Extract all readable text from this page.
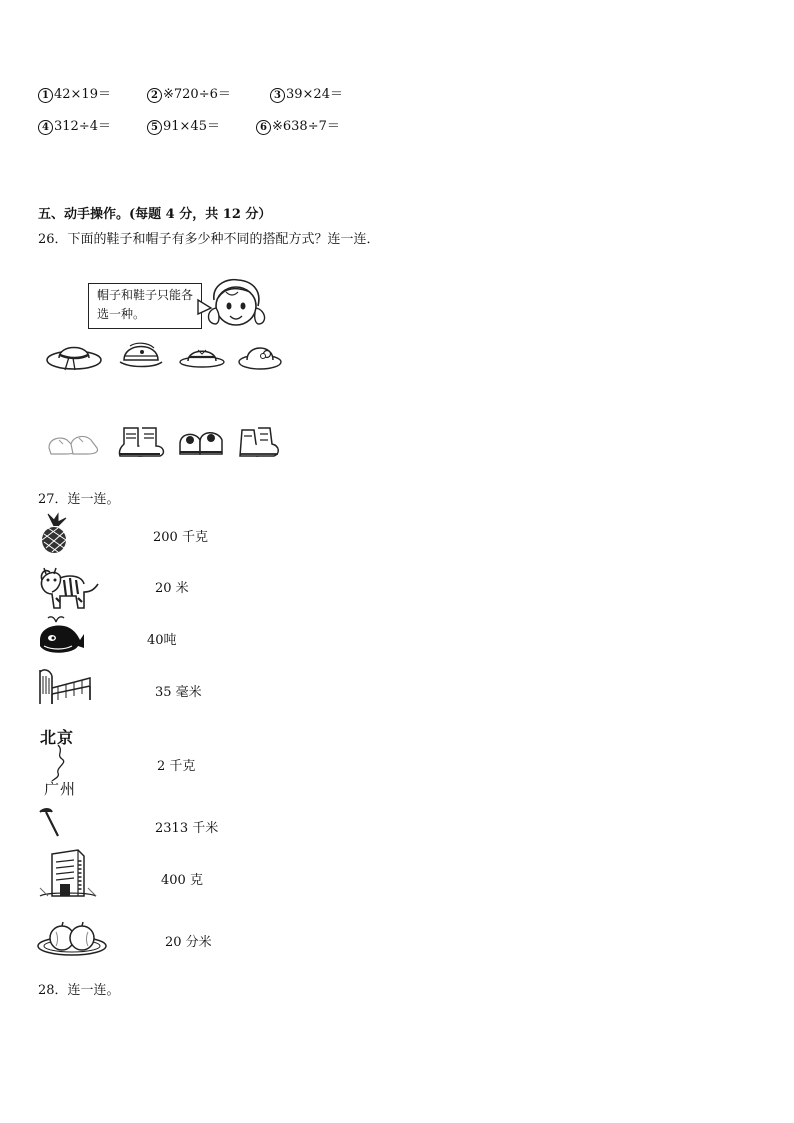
1 42×19＝	2 ※720÷6＝	3 39×24＝
4 312÷4＝	5 91×45＝	6 ※638÷7＝
五、动手操作。(每题 4 分，共 12 分）
26．下面的鞋子和帽子有多少种不同的搭配方式？连一连．
帽子和鞋子只能各选一种。
27．连一连。
200 千克
20 米
40吨
35 毫米
北京
广州
2 千克
2313 千米
400 克
20 分米
28．连一连。
